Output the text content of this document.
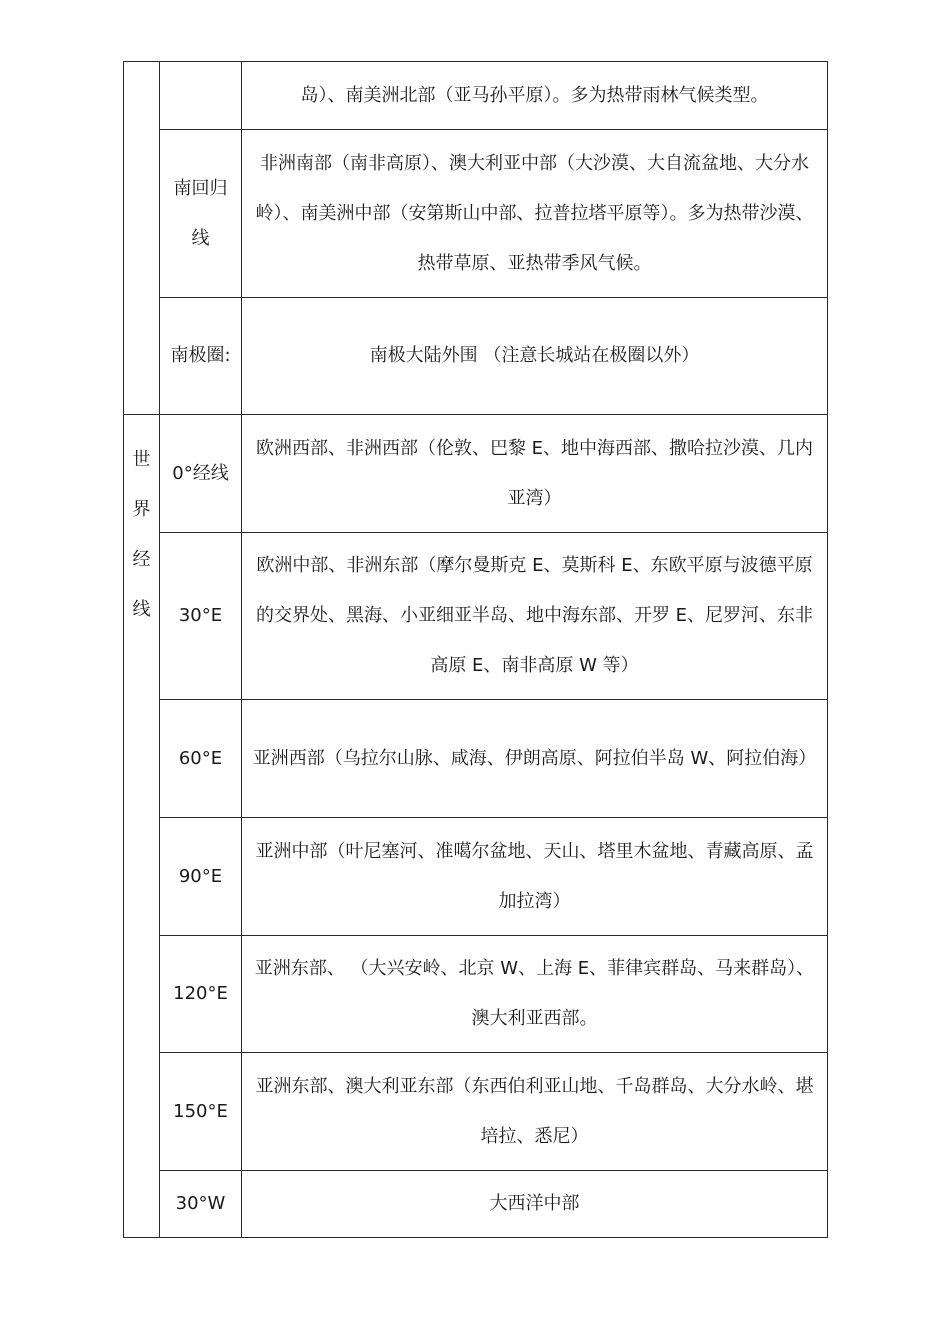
		岛）、南美洲北部（亚马孙平原）。多为热带雨林气候类型。
	南回归线	非洲南部（南非高原）、澳大利亚中部（大沙漠、大自流盆地、大分水岭）、南美洲中部（安第斯山中部、拉普拉塔平原等）。多为热带沙漠、热带草原、亚热带季风气候。
	南极圈:	南极大陆外围 （注意长城站在极圈以外）
世界经线	0°经线	欧洲西部、非洲西部（伦敦、巴黎 E、地中海西部、撒哈拉沙漠、几内亚湾）
	30°E	欧洲中部、非洲东部（摩尔曼斯克 E、莫斯科 E、东欧平原与波德平原的交界处、黑海、小亚细亚半岛、地中海东部、开罗 E、尼罗河、东非高原 E、南非高原 W 等）
	60°E	亚洲西部（乌拉尔山脉、咸海、伊朗高原、阿拉伯半岛 W、阿拉伯海）
	90°E	亚洲中部（叶尼塞河、准噶尔盆地、天山、塔里木盆地、青藏高原、孟加拉湾）
	120°E	亚洲东部、 （大兴安岭、北京 W、上海 E、菲律宾群岛、马来群岛）、澳大利亚西部。
	150°E	亚洲东部、澳大利亚东部（东西伯利亚山地、千岛群岛、大分水岭、堪培拉、悉尼）
	30°W	大西洋中部
